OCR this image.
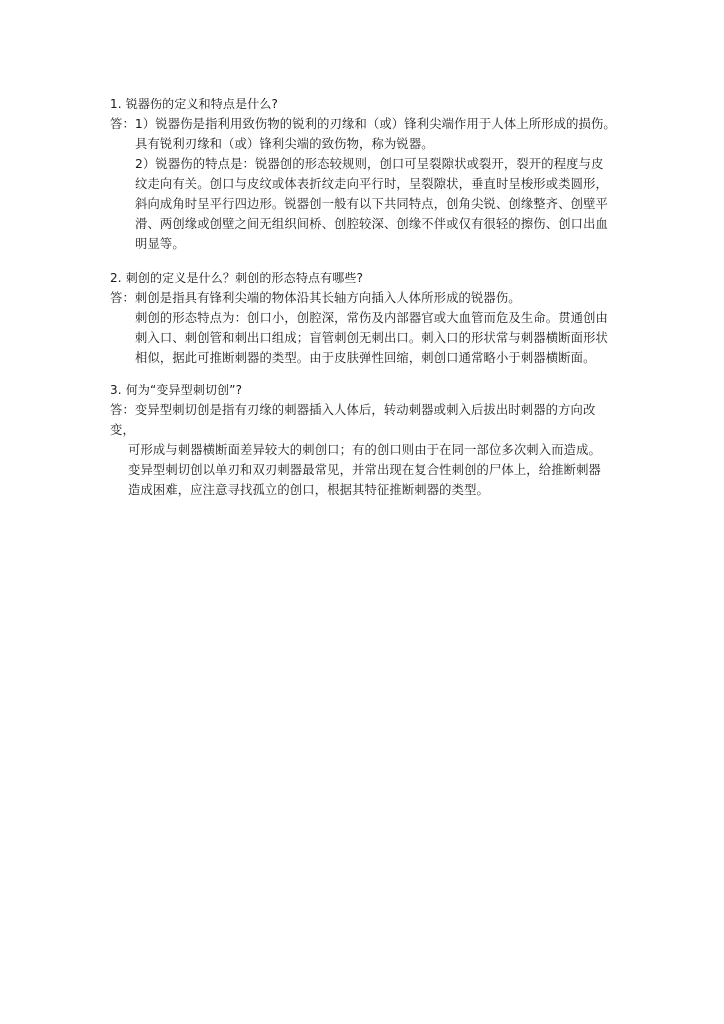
1. 锐器伤的定义和特点是什么?
答：1）锐器伤是指利用致伤物的锐利的刃缘和（或）锋利尖端作用于人体上所形成的损伤。
具有锐利刃缘和（或）锋利尖端的致伤物，称为锐器。
2）锐器伤的特点是：锐器创的形态较规则，创口可呈裂隙状或裂开，裂开的程度与皮
纹走向有关。创口与皮纹或体表折纹走向平行时，呈裂隙状，垂直时呈梭形或类圆形，
斜向成角时呈平行四边形。锐器创一般有以下共同特点，创角尖锐、创缘整齐、创壁平
滑、两创缘或创壁之间无组织间桥、创腔较深、创缘不伴或仅有很轻的擦伤、创口出血
明显等。
2. 刺创的定义是什么？刺创的形态特点有哪些?
答：刺创是指具有锋利尖端的物体沿其长轴方向插入人体所形成的锐器伤。
刺创的形态特点为：创口小，创腔深，常伤及内部器官或大血管而危及生命。贯通创由
刺入口、刺创管和刺出口组成；盲管刺创无刺出口。刺入口的形状常与刺器横断面形状
相似，据此可推断刺器的类型。由于皮肤弹性回缩，刺创口通常略小于刺器横断面。
3. 何为“变异型刺切创”?
答：变异型刺切创是指有刃缘的刺器插入人体后，转动刺器或刺入后拔出时刺器的方向改
变，
可形成与刺器横断面差异较大的刺创口；有的创口则由于在同一部位多次刺入而造成。
变异型刺切创以单刃和双刃刺器最常见，并常出现在复合性刺创的尸体上，给推断刺器
造成困难，应注意寻找孤立的创口，根据其特征推断刺器的类型。
